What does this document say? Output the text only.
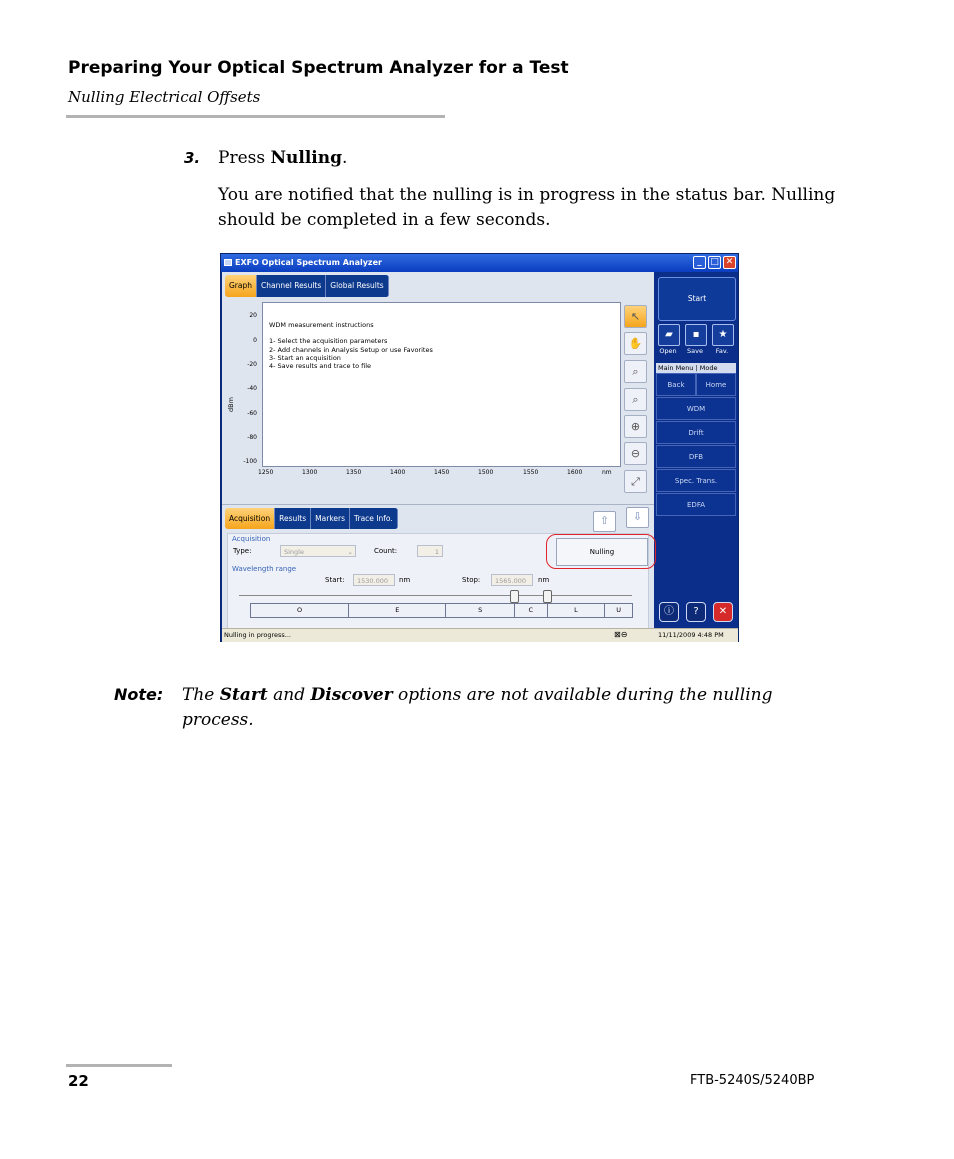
Preparing Your Optical Spectrum Analyzer for a Test
Nulling Electrical Offsets
3. Press Nulling.
You are notified that the nulling is in progress in the status bar. Nulling should be completed in a few seconds.
EXFO Optical Spectrum Analyzer	_ □ ✕
Graph	Channel Results	Global Results
dBm
20
0
-20
-40
-60
-80
-100
WDM measurement instructions

1- Select the acquisition parameters
2- Add channels in Analysis Setup or use Favorites
3- Start an acquisition
4- Save results and trace to file
1250	1300	1350	1400	1450	1500	1550	1600	nm
↖
✋
⌕
⌕
⊕
⊖
⤢
Acquisition	Results	Markers	Trace Info.	⇧	⇩
Acquisition
Type:	Single	⌄	Count:	1
Wavelength range
Start:	1530.000	nm	Stop:	1565.000	nm
Nulling
O	E	S	C	L	U
Start
▰	▪	★
Open	Save	Fav.
Main Menu | Mode
Back	Home
WDM
Drift
DFB
Spec. Trans.
EDFA
ⓘ	?	✕
Nulling in progress...	⊠⊖	11/11/2009 4:48 PM
Note: The Start and Discover options are not available during the nulling process.
22	FTB-5240S/5240BP
